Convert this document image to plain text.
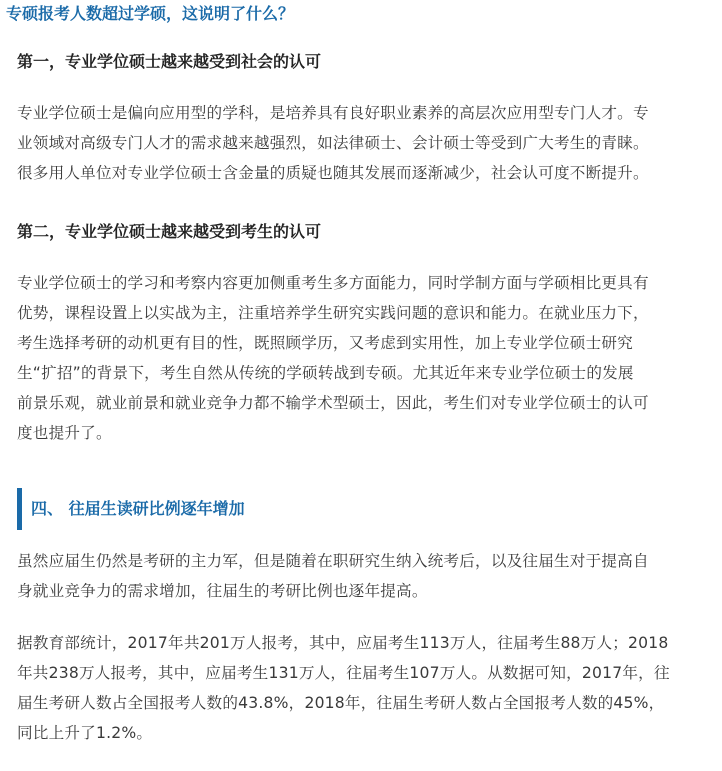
专硕报考人数超过学硕，这说明了什么？
第一，专业学位硕士越来越受到社会的认可

专业学位硕士是偏向应用型的学科，是培养具有良好职业素养的高层次应用型专门人才。专
业领域对高级专门人才的需求越来越强烈，如法律硕士、会计硕士等受到广大考生的青睐。
很多用人单位对专业学位硕士含金量的质疑也随其发展而逐渐减少，社会认可度不断提升。

第二，专业学位硕士越来越受到考生的认可

专业学位硕士的学习和考察内容更加侧重考生多方面能力，同时学制方面与学硕相比更具有
优势，课程设置上以实战为主，注重培养学生研究实践问题的意识和能力。在就业压力下，
考生选择考研的动机更有目的性，既照顾学历，又考虑到实用性，加上专业学位硕士研究
生“扩招”的背景下，考生自然从传统的学硕转战到专硕。尤其近年来专业学位硕士的发展
前景乐观，就业前景和就业竞争力都不输学术型硕士，因此，考生们对专业学位硕士的认可
度也提升了。

四、 往届生读研比例逐年增加

虽然应届生仍然是考研的主力军，但是随着在职研究生纳入统考后，以及往届生对于提高自
身就业竞争力的需求增加，往届生的考研比例也逐年提高。

据教育部统计，2017年共201万人报考，其中，应届考生113万人，往届考生88万人；2018
年共238万人报考，其中，应届考生131万人，往届考生107万人。从数据可知，2017年，往
届生考研人数占全国报考人数的43.8%，2018年，往届生考研人数占全国报考人数的45%，
同比上升了1.2%。
